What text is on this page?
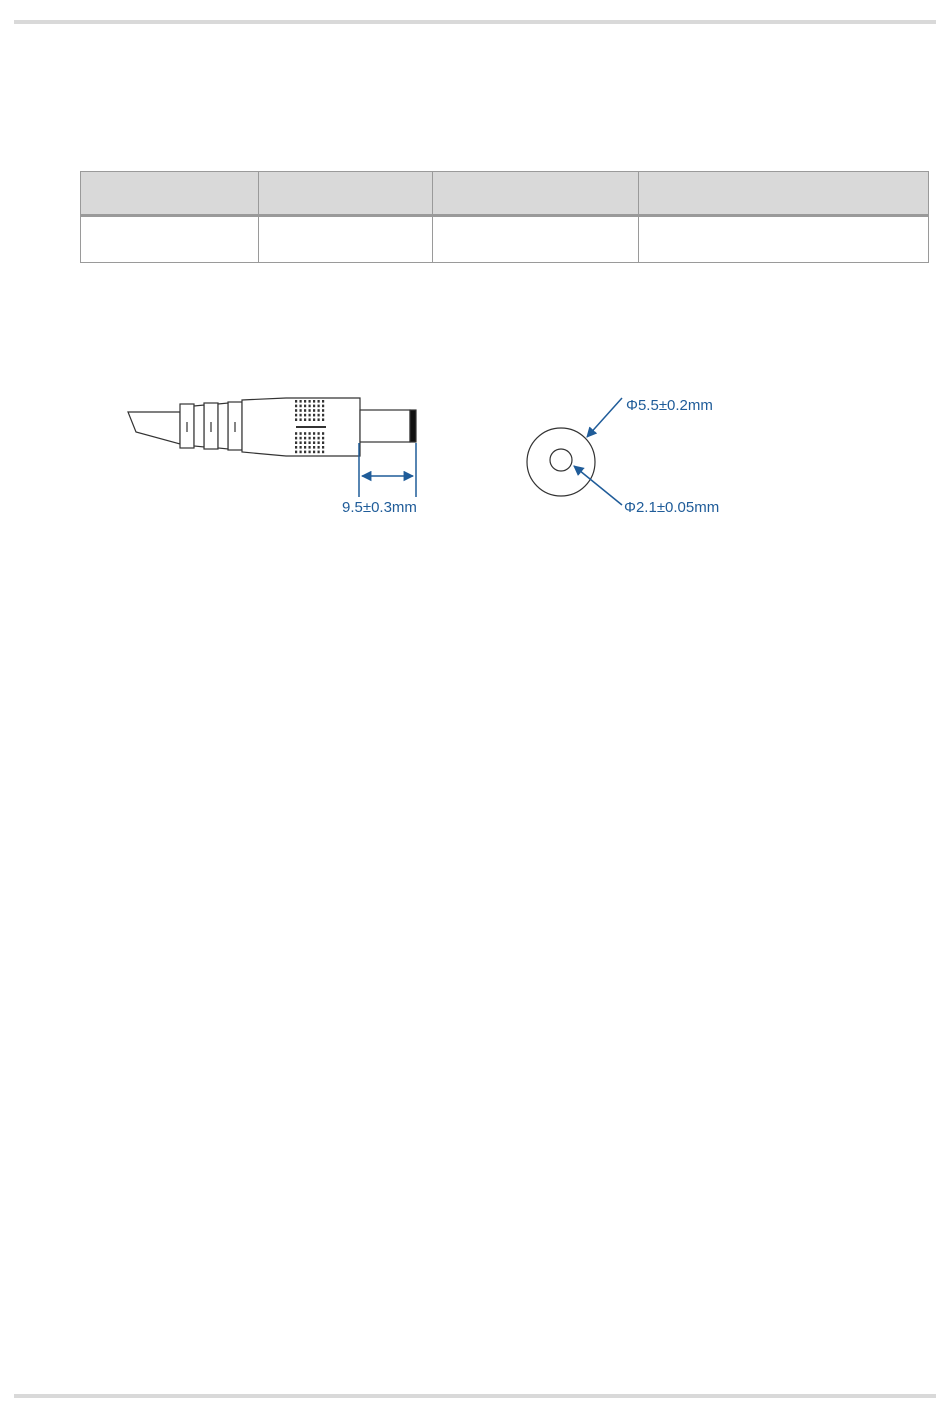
9.5±0.3mm
Φ5.5±0.2mm
Φ2.1±0.05mm
